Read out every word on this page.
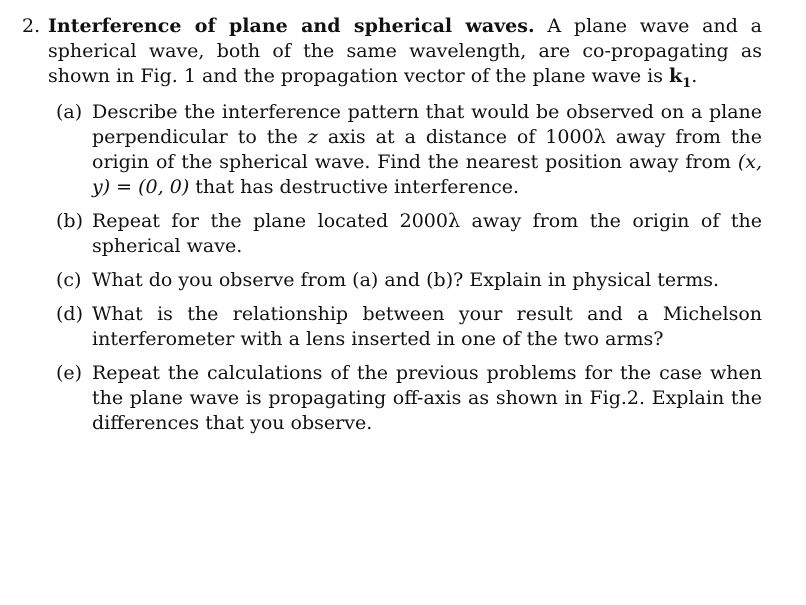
2. Interference of plane and spherical waves. A plane wave and a spherical wave, both of the same wavelength, are co-propagating as shown in Fig. 1 and the propagation vector of the plane wave is $k_1$.
(a) Describe the interference pattern that would be observed on a plane perpendicular to the z axis at a distance of 1000λ away from the origin of the spherical wave. Find the nearest position away from (x, y) = (0, 0) that has destructive interference.
(b) Repeat for the plane located 2000λ away from the origin of the spherical wave.
(c) What do you observe from (a) and (b)? Explain in physical terms.
(d) What is the relationship between your result and a Michelson interferometer with a lens inserted in one of the two arms?
(e) Repeat the calculations of the previous problems for the case when the plane wave is propagating off-axis as shown in Fig.2. Explain the differences that you observe.
